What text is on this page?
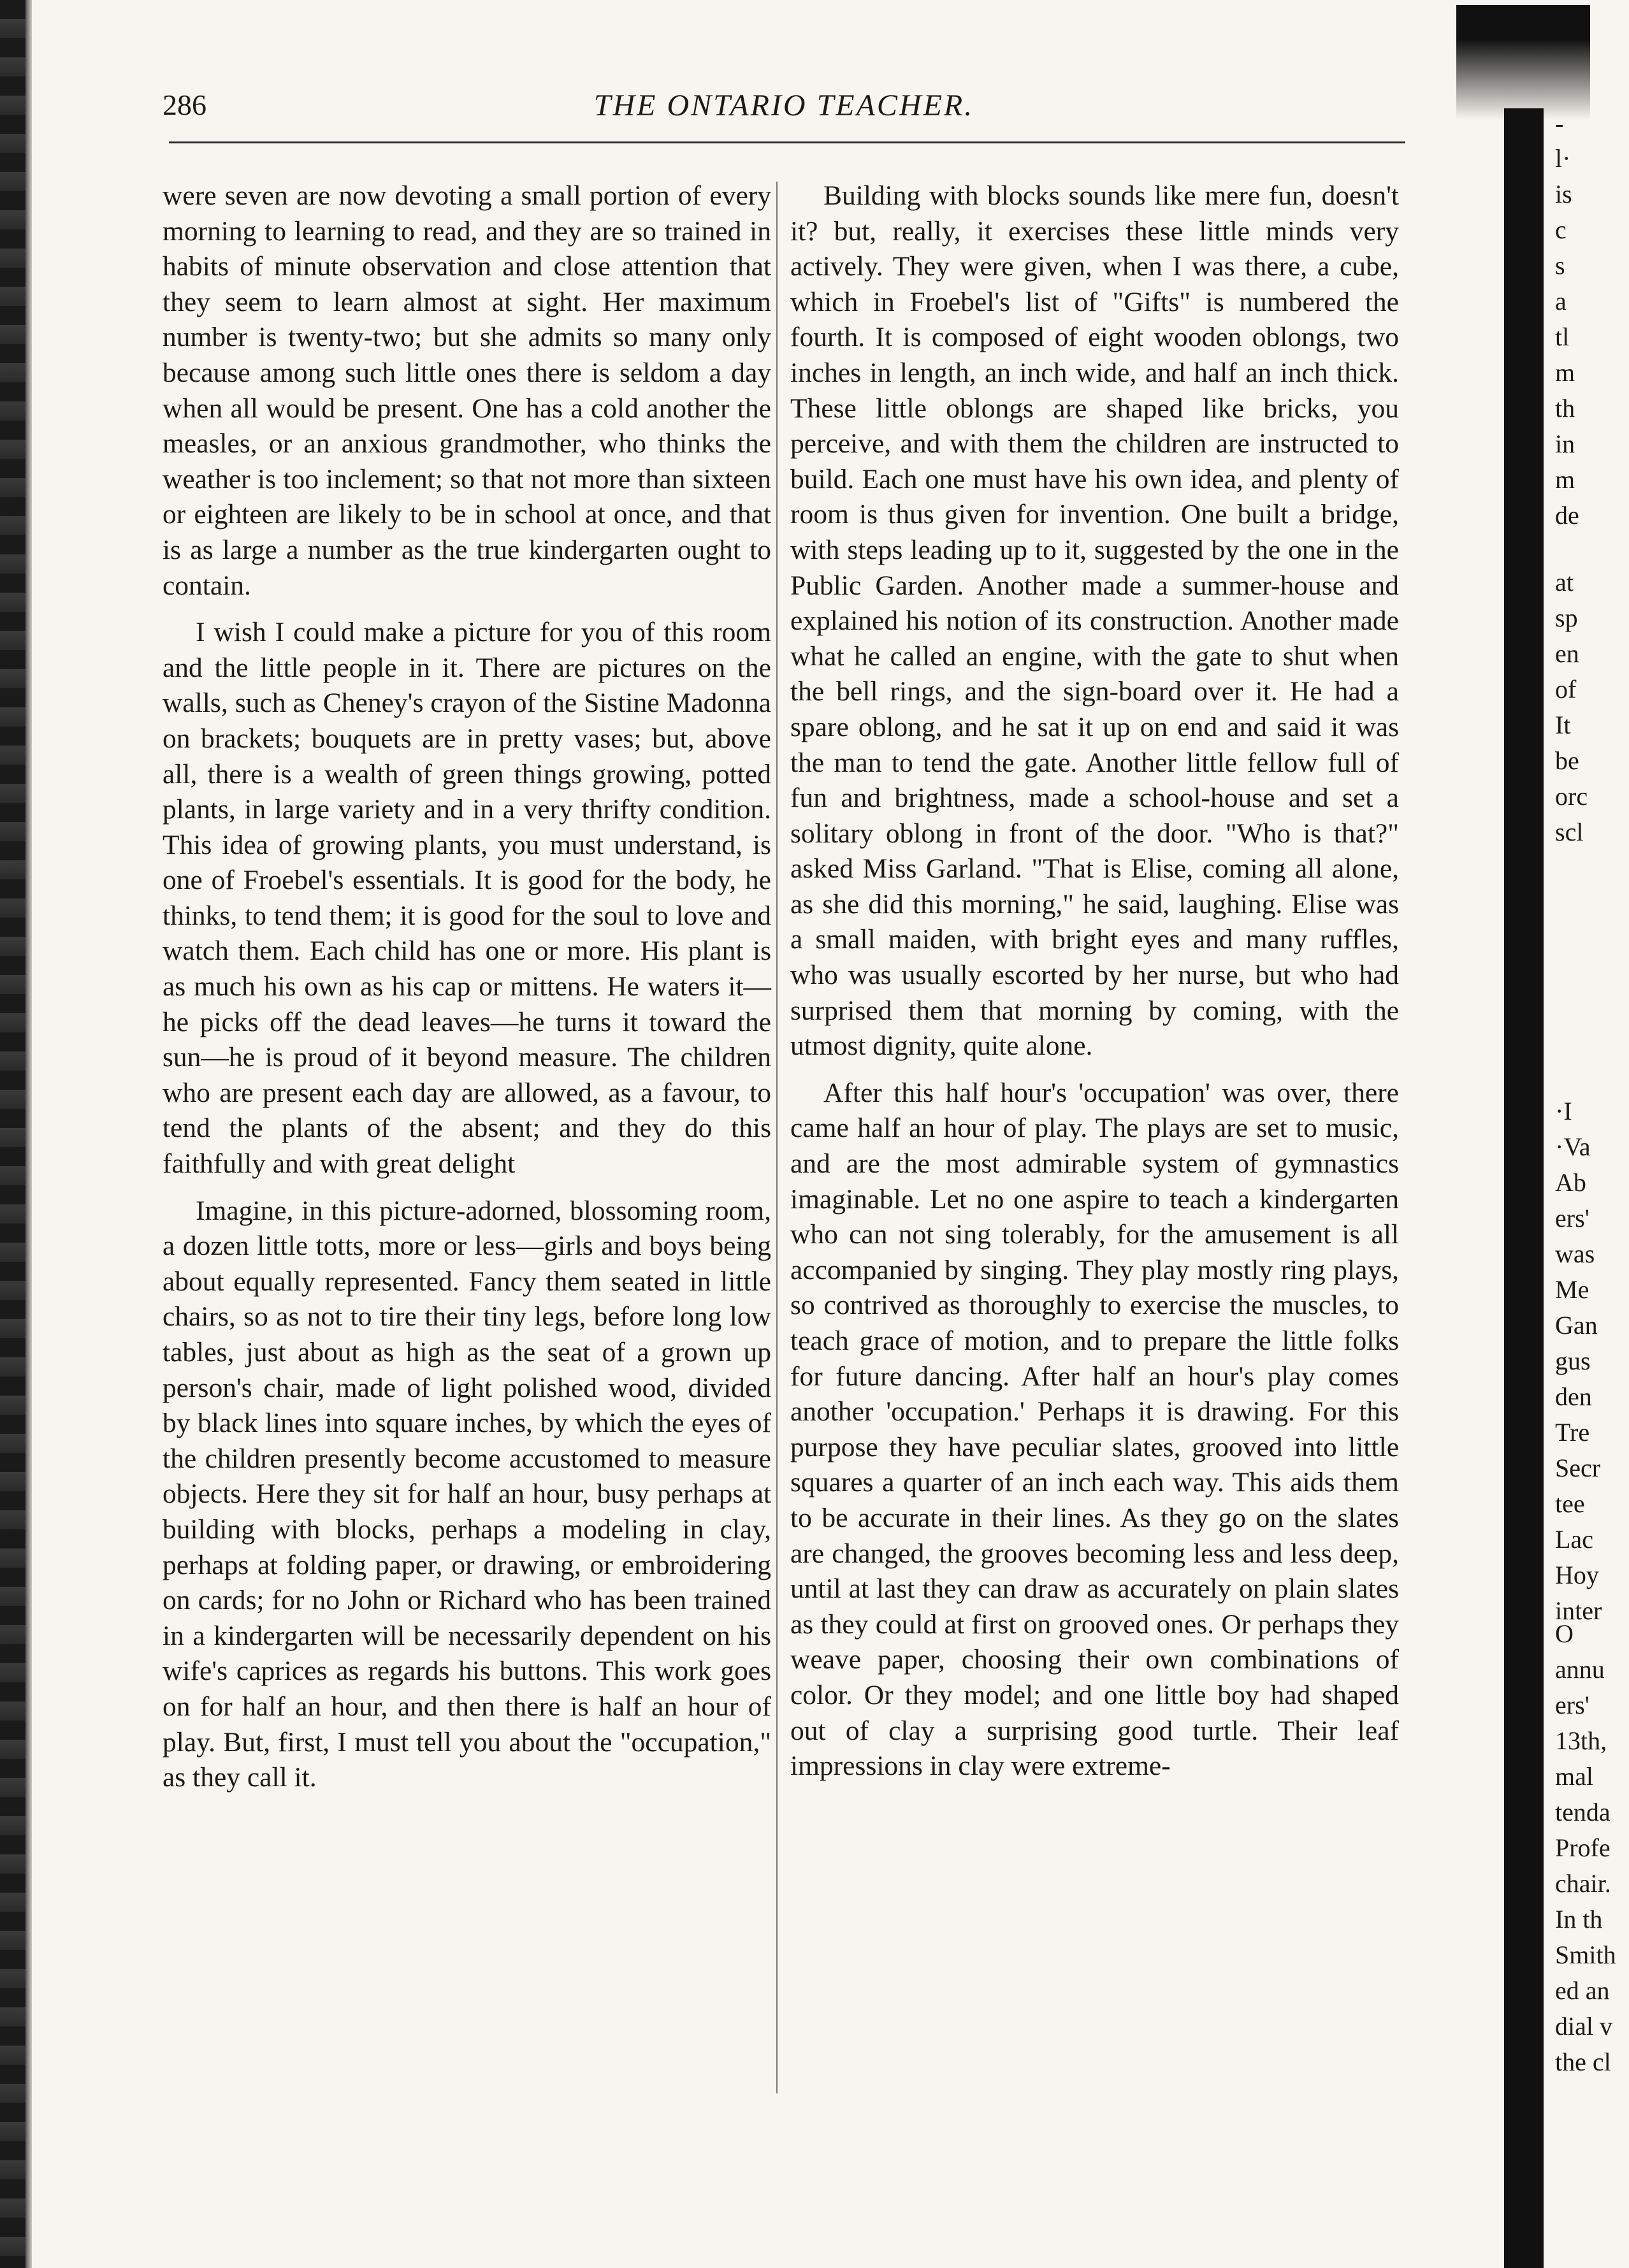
286	THE ONTARIO TEACHER.

were seven are now devoting a small portion of every morning to learning to read, and they are so trained in habits of minute observation and close attention that they seem to learn almost at sight. Her maximum number is twenty-two; but she admits so many only because among such little ones there is seldom a day when all would be present. One has a cold another the measles, or an anxious grandmother, who thinks the weather is too inclement; so that not more than sixteen or eighteen are likely to be in school at once, and that is as large a number as the true kindergarten ought to contain.

I wish I could make a picture for you of this room and the little people in it. There are pictures on the walls, such as Cheney's crayon of the Sistine Madonna on brackets; bouquets are in pretty vases; but, above all, there is a wealth of green things growing, potted plants, in large variety and in a very thrifty condition. This idea of growing plants, you must understand, is one of Froebel's essentials. It is good for the body, he thinks, to tend them; it is good for the soul to love and watch them. Each child has one or more. His plant is as much his own as his cap or mittens. He waters it—he picks off the dead leaves—he turns it toward the sun—he is proud of it beyond measure. The children who are present each day are allowed, as a favour, to tend the plants of the absent; and they do this faithfully and with great delight

Imagine, in this picture-adorned, blossoming room, a dozen little totts, more or less—girls and boys being about equally represented. Fancy them seated in little chairs, so as not to tire their tiny legs, before long low tables, just about as high as the seat of a grown up person's chair, made of light polished wood, divided by black lines into square inches, by which the eyes of the children presently become accustomed to measure objects. Here they sit for half an hour, busy perhaps at building with blocks, perhaps a modeling in clay, perhaps at folding paper, or drawing, or embroidering on cards; for no John or Richard who has been trained in a kindergarten will be necessarily dependent on his wife's caprices as regards his buttons. This work goes on for half an hour, and then there is half an hour of play. But, first, I must tell you about the "occupation," as they call it.

Building with blocks sounds like mere fun, doesn't it? but, really, it exercises these little minds very actively. They were given, when I was there, a cube, which in Froebel's list of "Gifts" is numbered the fourth. It is composed of eight wooden oblongs, two inches in length, an inch wide, and half an inch thick. These little oblongs are shaped like bricks, you perceive, and with them the children are instructed to build. Each one must have his own idea, and plenty of room is thus given for invention. One built a bridge, with steps leading up to it, suggested by the one in the Public Garden. Another made a summer-house and explained his notion of its construction. Another made what he called an engine, with the gate to shut when the bell rings, and the sign-board over it. He had a spare oblong, and he sat it up on end and said it was the man to tend the gate. Another little fellow full of fun and brightness, made a school-house and set a solitary oblong in front of the door. "Who is that?" asked Miss Garland. "That is Elise, coming all alone, as she did this morning," he said, laughing. Elise was a small maiden, with bright eyes and many ruffles, who was usually escorted by her nurse, but who had surprised them that morning by coming, with the utmost dignity, quite alone.

After this half hour's 'occupation' was over, there came half an hour of play. The plays are set to music, and are the most admirable system of gymnastics imaginable. Let no one aspire to teach a kindergarten who can not sing tolerably, for the amusement is all accompanied by singing. They play mostly ring plays, so contrived as thoroughly to exercise the muscles, to teach grace of motion, and to prepare the little folks for future dancing. After half an hour's play comes another 'occupation.' Perhaps it is drawing. For this purpose they have peculiar slates, grooved into little squares a quarter of an inch each way. This aids them to be accurate in their lines. As they go on the slates are changed, the grooves becoming less and less deep, until at last they can draw as accurately on plain slates as they could at first on grooved ones. Or perhaps they weave paper, choosing their own combinations of color. Or they model; and one little boy had shaped out of clay a surprising good turtle. Their leaf impressions in clay were extreme-

-
l·
is
c
s
a
tl
m
th
in
m
de
at
sp
en
of
It
be
orc
scl
·I
·Va
Ab
ers'
was
Me
Gan
gus
den
Tre
Secr
tee
Lac
Hoy
inter
O
annu
ers'
13th,
mal
tenda
Profe
chair.
In th
Smith
ed an
dial v
the cl
